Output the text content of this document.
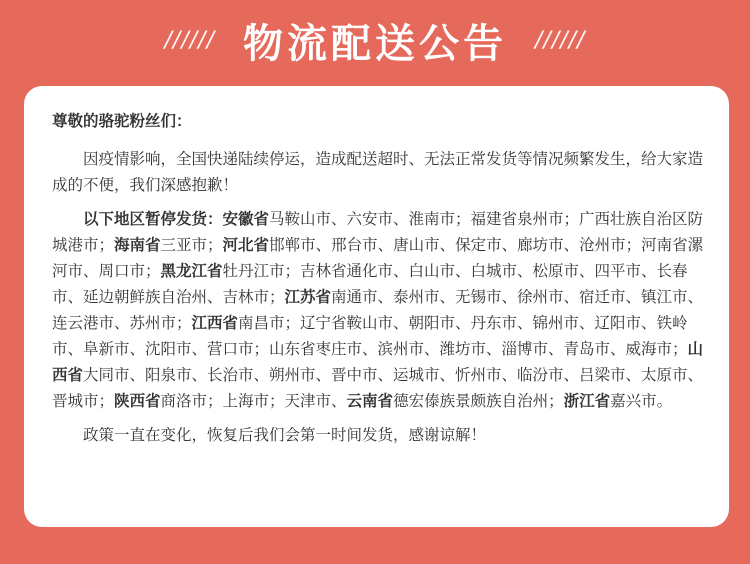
////// 物流配送公告 //////
尊敬的骆驼粉丝们：

因疫情影响，全国快递陆续停运，造成配送超时、无法正常发货等情况频繁发生，给大家造成的不便，我们深感抱歉！

以下地区暂停发货：安徽省马鞍山市、六安市、淮南市；福建省泉州市；广西壮族自治区防城港市；海南省三亚市；河北省邯郸市、邢台市、唐山市、保定市、廊坊市、沧州市；河南省漯河市、周口市；黑龙江省牡丹江市；吉林省通化市、白山市、白城市、松原市、四平市、长春市、延边朝鲜族自治州、吉林市；江苏省南通市、泰州市、无锡市、徐州市、宿迁市、镇江市、连云港市、苏州市；江西省南昌市；辽宁省鞍山市、朝阳市、丹东市、锦州市、辽阳市、铁岭市、阜新市、沈阳市、营口市；山东省枣庄市、滨州市、潍坊市、淄博市、青岛市、威海市；山西省大同市、阳泉市、长治市、朔州市、晋中市、运城市、忻州市、临汾市、吕梁市、太原市、晋城市；陕西省商洛市；上海市；天津市、云南省德宏傣族景颇族自治州；浙江省嘉兴市。

政策一直在变化，恢复后我们会第一时间发货，感谢谅解！
